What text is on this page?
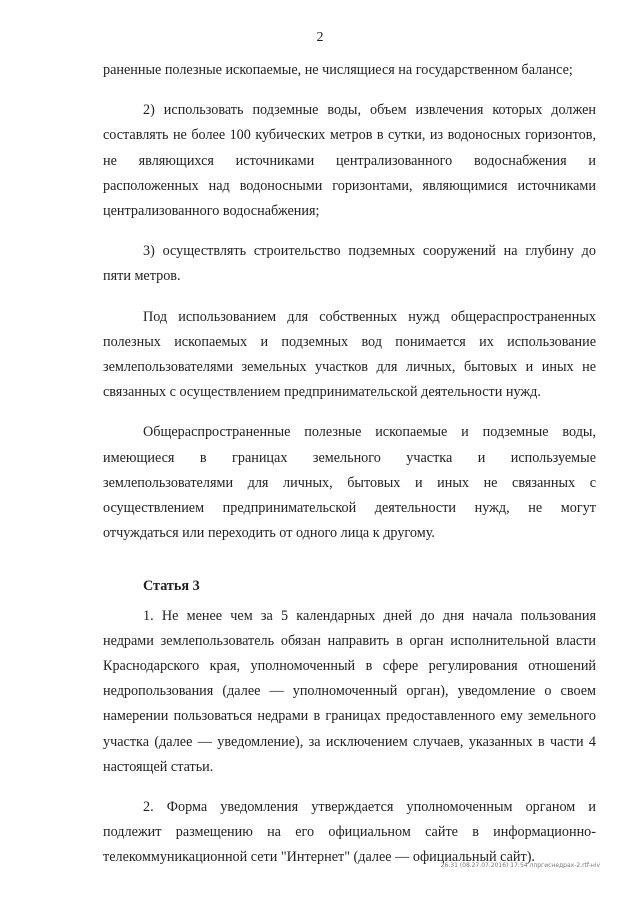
2

раненные полезные ископаемые, не числящиеся на государственном балансе;

2) использовать подземные воды, объем извлечения которых должен составлять не более 100 кубических метров в сутки, из водоносных горизонтов, не являющихся источниками централизованного водоснабжения и расположенных над водоносными горизонтами, являющимися источниками централизованного водоснабжения;

3) осуществлять строительство подземных сооружений на глубину до пяти метров.

Под использованием для собственных нужд общераспространенных полезных ископаемых и подземных вод понимается их использование землепользователями земельных участков для личных, бытовых и иных не связанных с осуществлением предпринимательской деятельности нужд.

Общераспространенные полезные ископаемые и подземные воды, имеющиеся в границах земельного участка и используемые землепользователями для личных, бытовых и иных не связанных с осуществлением предпринимательской деятельности нужд, не могут отчуждаться или переходить от одного лица к другому.

Статья 3

1. Не менее чем за 5 календарных дней до дня начала пользования недрами землепользователь обязан направить в орган исполнительной власти Краснодарского края, уполномоченный в сфере регулирования отношений недропользования (далее — уполномоченный орган), уведомление о своем намерении пользоваться недрами в границах предоставленного ему земельного участка (далее — уведомление), за исключением случаев, указанных в части 4 настоящей статьи.

2. Форма уведомления утверждается уполномоченным органом и подлежит размещению на его официальном сайте в информационно-телекоммуникационной сети "Интернет" (далее — официальный сайт).

26.31 (08.27.07.2016) 17:54 лпргиснедрах-2.rtf-нiv
